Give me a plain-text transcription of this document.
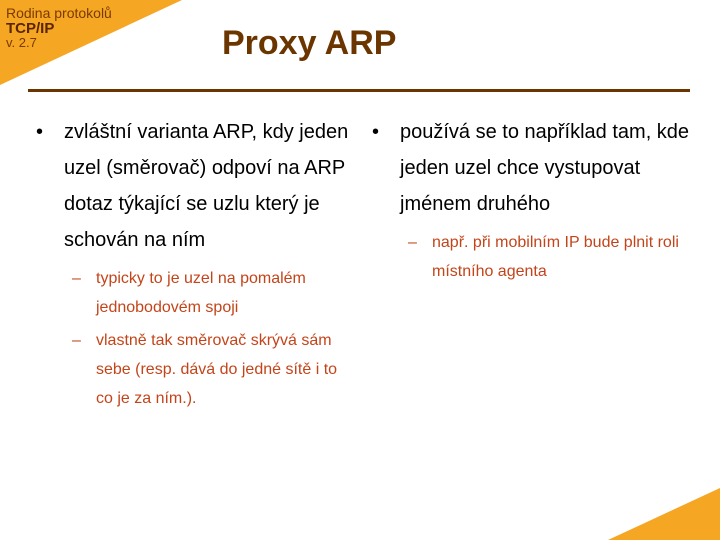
Rodina protokolů
TCP/IP
v. 2.7	Proxy ARP
• zvláštní varianta ARP, kdy jeden uzel (směrovač) odpoví na ARP dotaz týkající se uzlu který je schován na ním
– typicky to je uzel na pomalém jednobodovém spoji
– vlastně tak směrovač skrývá sám sebe (resp. dává do jedné sítě i to co je za ním.).
• používá se to například tam, kde jeden uzel chce vystupovat jménem druhého
– např. při mobilním IP bude plnit roli místního agenta
